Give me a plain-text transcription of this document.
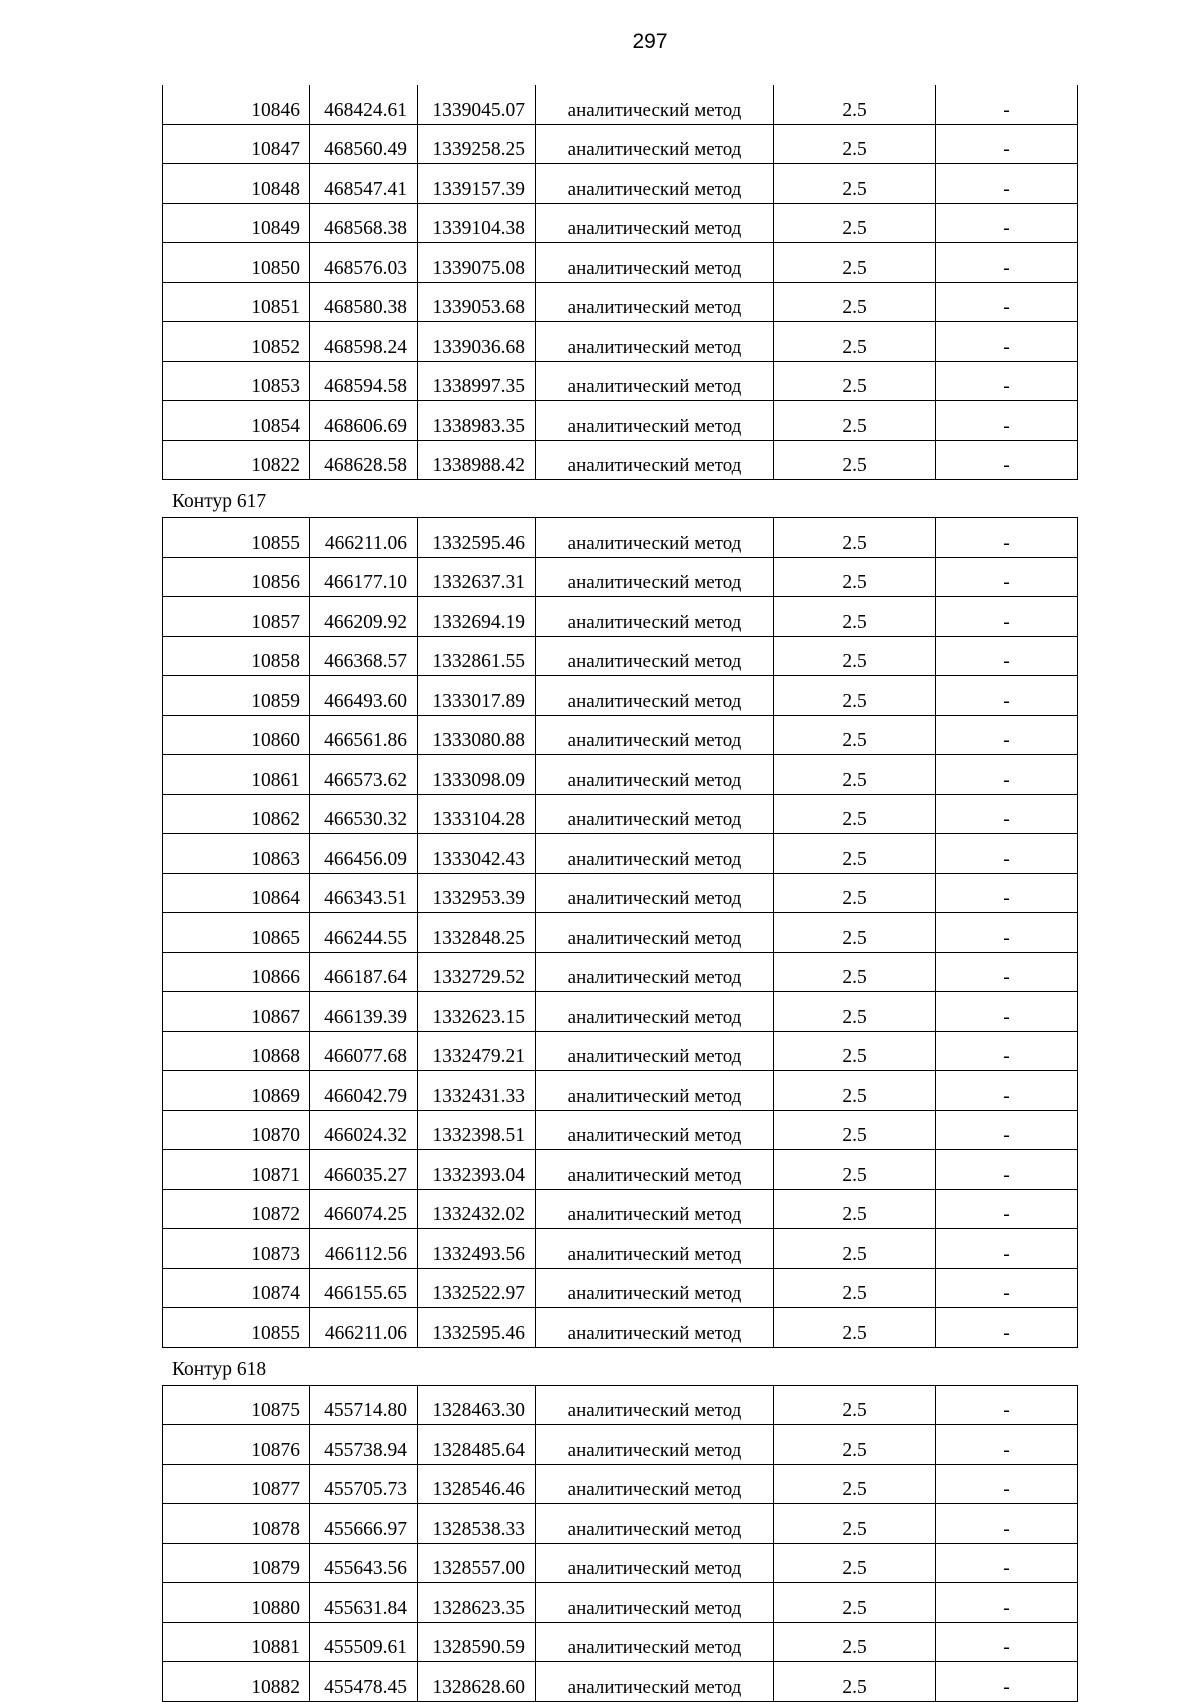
297
10846	468424.61	1339045.07	аналитический метод	2.5	-
10847	468560.49	1339258.25	аналитический метод	2.5	-
10848	468547.41	1339157.39	аналитический метод	2.5	-
10849	468568.38	1339104.38	аналитический метод	2.5	-
10850	468576.03	1339075.08	аналитический метод	2.5	-
10851	468580.38	1339053.68	аналитический метод	2.5	-
10852	468598.24	1339036.68	аналитический метод	2.5	-
10853	468594.58	1338997.35	аналитический метод	2.5	-
10854	468606.69	1338983.35	аналитический метод	2.5	-
10822	468628.58	1338988.42	аналитический метод	2.5	-
Контур 617
10855	466211.06	1332595.46	аналитический метод	2.5	-
10856	466177.10	1332637.31	аналитический метод	2.5	-
10857	466209.92	1332694.19	аналитический метод	2.5	-
10858	466368.57	1332861.55	аналитический метод	2.5	-
10859	466493.60	1333017.89	аналитический метод	2.5	-
10860	466561.86	1333080.88	аналитический метод	2.5	-
10861	466573.62	1333098.09	аналитический метод	2.5	-
10862	466530.32	1333104.28	аналитический метод	2.5	-
10863	466456.09	1333042.43	аналитический метод	2.5	-
10864	466343.51	1332953.39	аналитический метод	2.5	-
10865	466244.55	1332848.25	аналитический метод	2.5	-
10866	466187.64	1332729.52	аналитический метод	2.5	-
10867	466139.39	1332623.15	аналитический метод	2.5	-
10868	466077.68	1332479.21	аналитический метод	2.5	-
10869	466042.79	1332431.33	аналитический метод	2.5	-
10870	466024.32	1332398.51	аналитический метод	2.5	-
10871	466035.27	1332393.04	аналитический метод	2.5	-
10872	466074.25	1332432.02	аналитический метод	2.5	-
10873	466112.56	1332493.56	аналитический метод	2.5	-
10874	466155.65	1332522.97	аналитический метод	2.5	-
10855	466211.06	1332595.46	аналитический метод	2.5	-
Контур 618
10875	455714.80	1328463.30	аналитический метод	2.5	-
10876	455738.94	1328485.64	аналитический метод	2.5	-
10877	455705.73	1328546.46	аналитический метод	2.5	-
10878	455666.97	1328538.33	аналитический метод	2.5	-
10879	455643.56	1328557.00	аналитический метод	2.5	-
10880	455631.84	1328623.35	аналитический метод	2.5	-
10881	455509.61	1328590.59	аналитический метод	2.5	-
10882	455478.45	1328628.60	аналитический метод	2.5	-
